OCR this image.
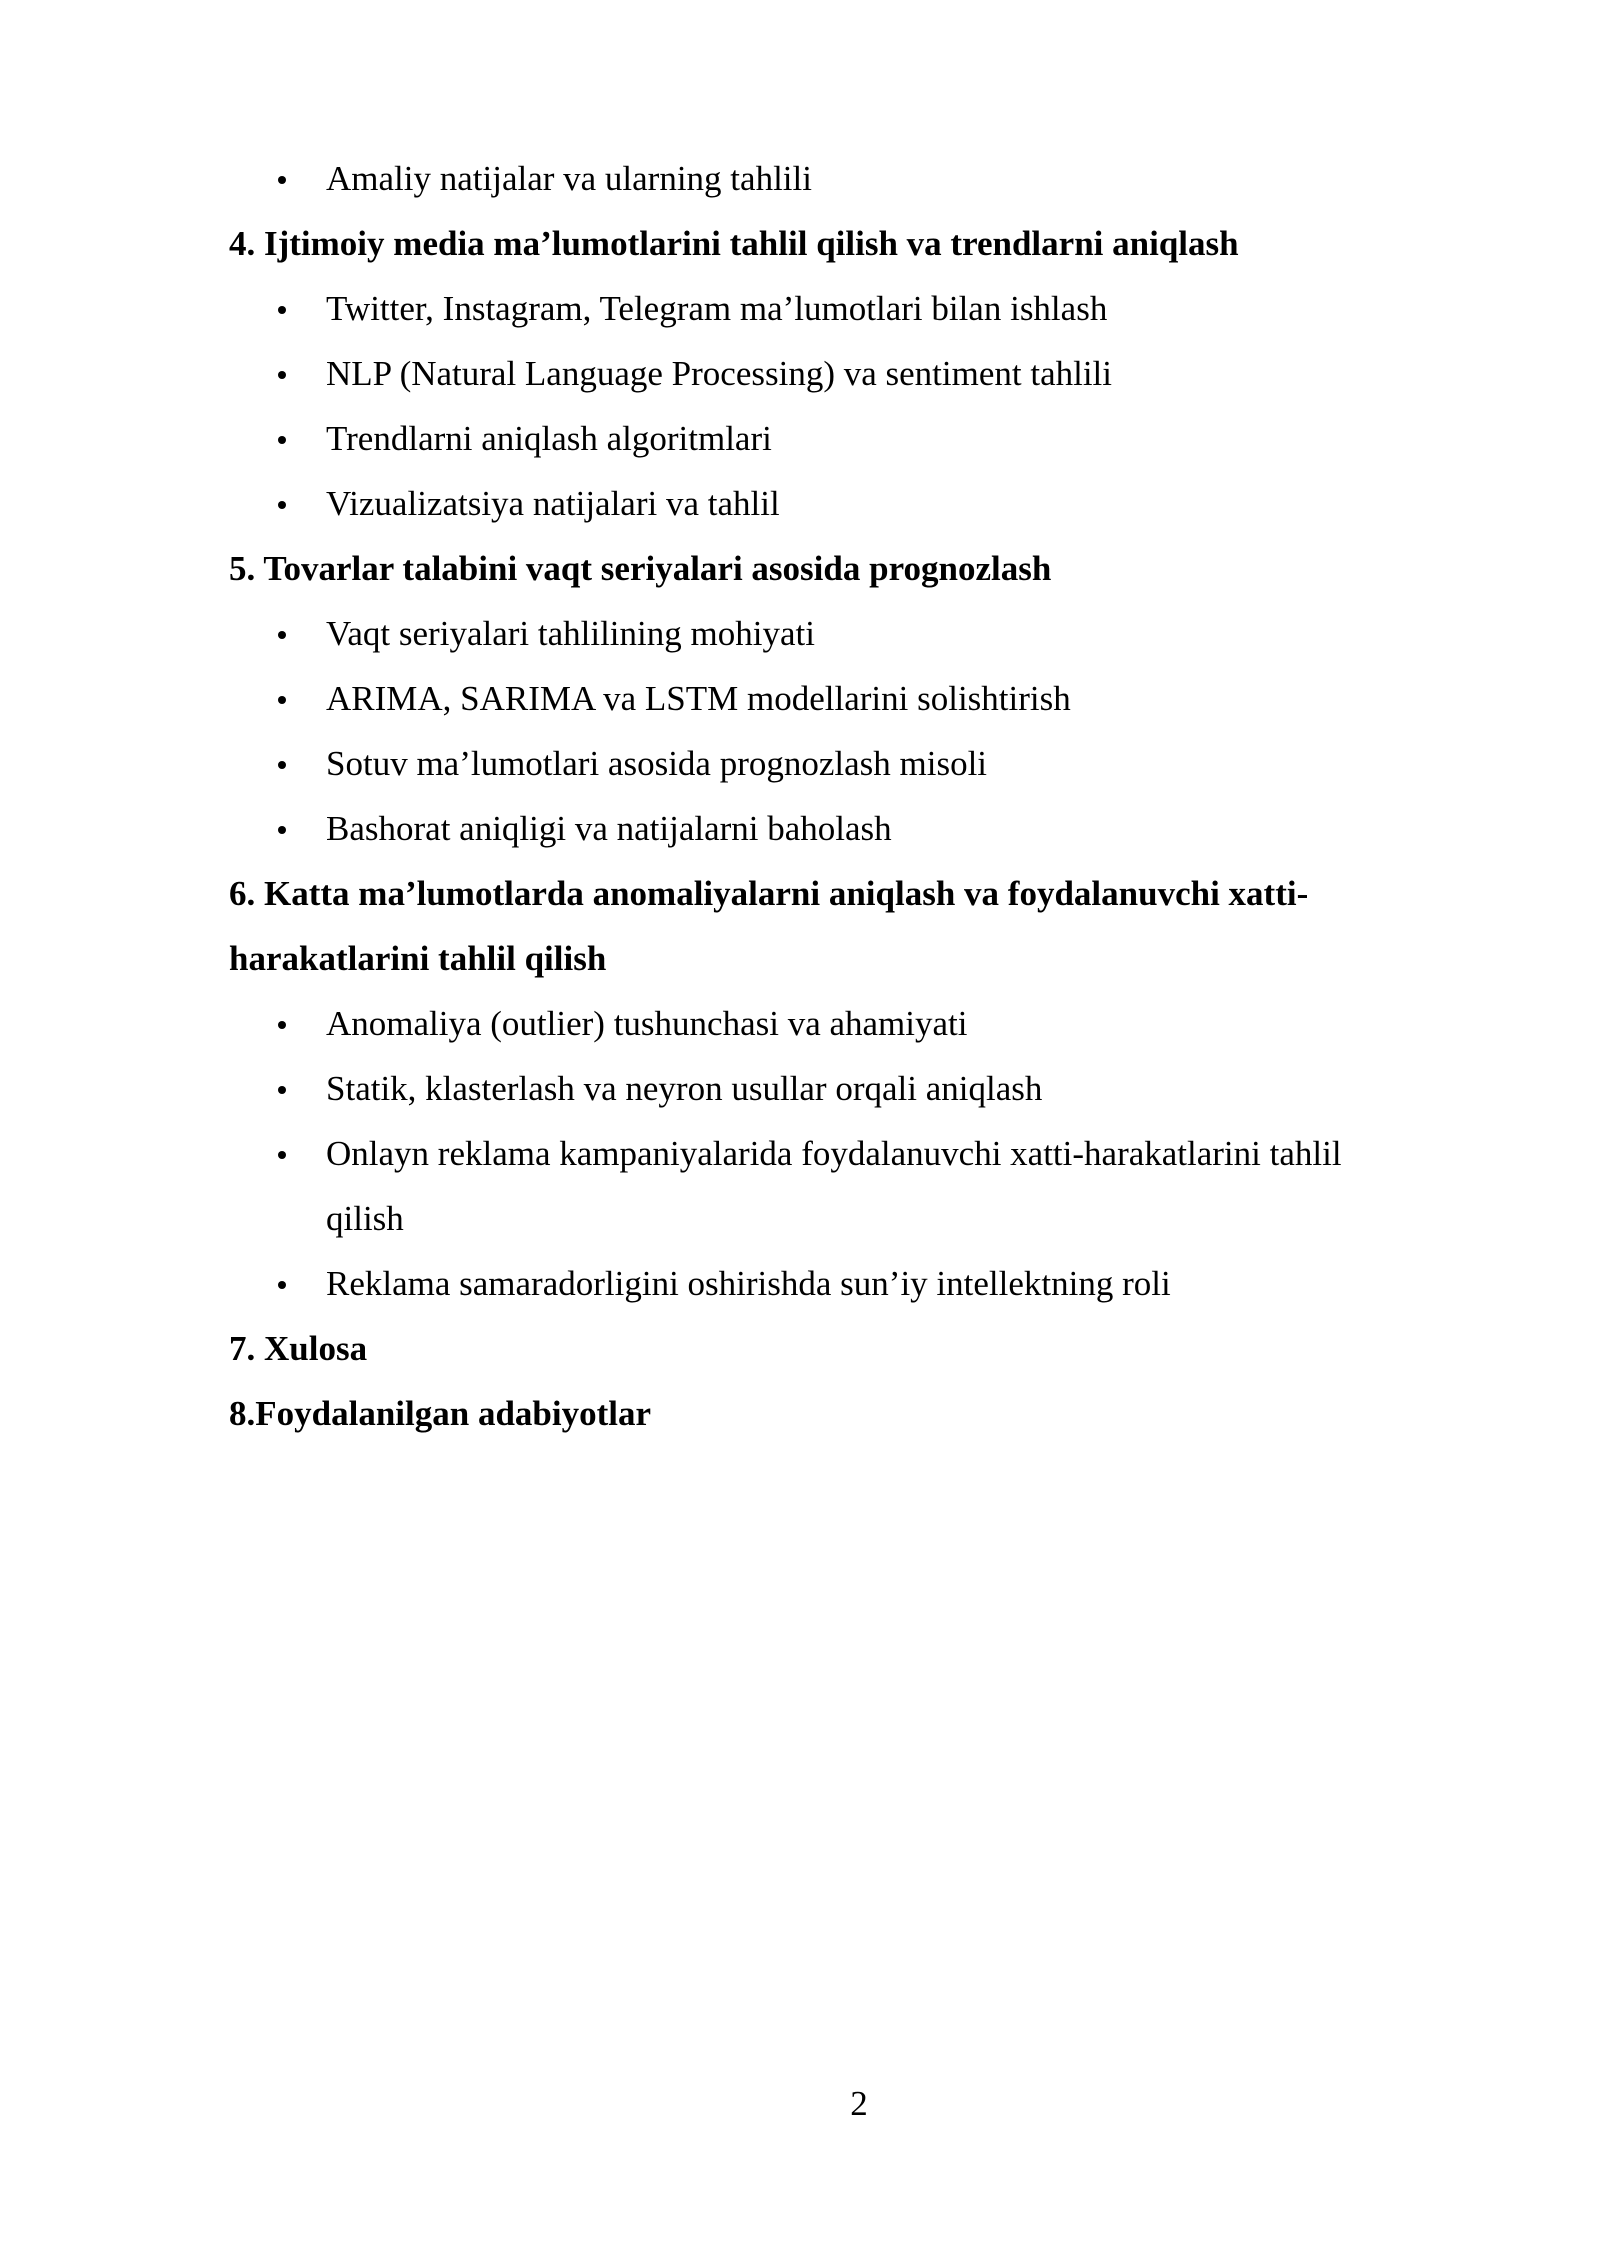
Amaliy natijalar va ularning tahlili
4. Ijtimoiy media ma’lumotlarini tahlil qilish va trendlarni aniqlash
Twitter, Instagram, Telegram ma’lumotlari bilan ishlash
NLP (Natural Language Processing) va sentiment tahlili
Trendlarni aniqlash algoritmlari
Vizualizatsiya natijalari va tahlil
5. Tovarlar talabini vaqt seriyalari asosida prognozlash
Vaqt seriyalari tahlilining mohiyati
ARIMA, SARIMA va LSTM modellarini solishtirish
Sotuv ma’lumotlari asosida prognozlash misoli
Bashorat aniqligi va natijalarni baholash
6. Katta ma’lumotlarda anomaliyalarni aniqlash va foydalanuvchi xatti-
harakatlarini tahlil qilish
Anomaliya (outlier) tushunchasi va ahamiyati
Statik, klasterlash va neyron usullar orqali aniqlash
Onlayn reklama kampaniyalarida foydalanuvchi xatti-harakatlarini tahlil
qilish
Reklama samaradorligini oshirishda sun’iy intellektning roli
7. Xulosa
8.Foydalanilgan adabiyotlar
2
